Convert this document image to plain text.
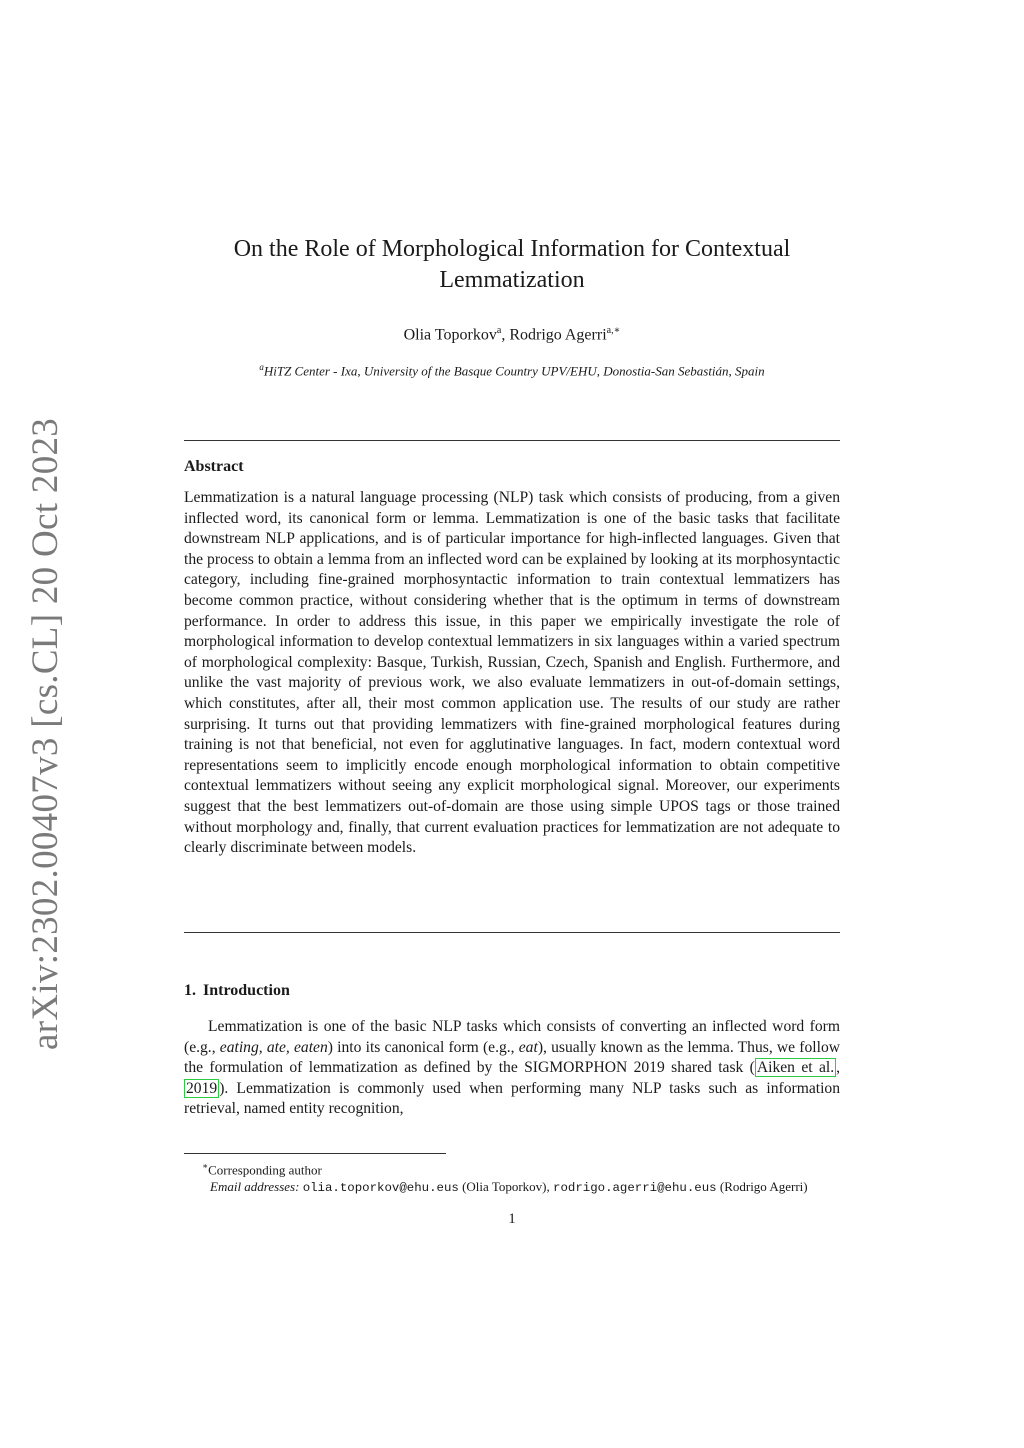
arXiv:2302.00407v3 [cs.CL] 20 Oct 2023
On the Role of Morphological Information for Contextual
Lemmatization
Olia Toporkov$^a$, Rodrigo Agerri$^{a,∗}$
$^a$HiTZ Center - Ixa, University of the Basque Country UPV/EHU, Donostia-San Sebastián, Spain
Abstract

Lemmatization is a natural language processing (NLP) task which consists of producing, from a given inflected word, its canonical form or lemma. Lemmatization is one of the basic tasks that facilitate downstream NLP applications, and is of particular importance for high-inflected languages. Given that the process to obtain a lemma from an inflected word can be explained by looking at its morphosyntactic category, including fine-grained morphosyntactic information to train contextual lemmatizers has become common practice, without considering whether that is the optimum in terms of downstream performance. In order to address this issue, in this paper we empirically investigate the role of morphological information to develop contextual lemmatizers in six languages within a varied spectrum of morphological complexity: Basque, Turkish, Russian, Czech, Spanish and English. Furthermore, and unlike the vast majority of previous work, we also evaluate lemmatizers in out-of-domain settings, which constitutes, after all, their most common application use. The results of our study are rather surprising. It turns out that providing lemmatizers with fine-grained morphological features during training is not that beneficial, not even for agglutinative languages. In fact, modern contextual word representations seem to implicitly encode enough morphological information to obtain competitive contextual lemmatizers without seeing any explicit morphological signal. Moreover, our experiments suggest that the best lemmatizers out-of-domain are those using simple UPOS tags or those trained without morphology and, finally, that current evaluation practices for lemmatization are not adequate to clearly discriminate between models.

1. Introduction

Lemmatization is one of the basic NLP tasks which consists of converting an inflected word form (e.g., eating, ate, eaten) into its canonical form (e.g., eat), usually known as the lemma. Thus, we follow the formulation of lemmatization as defined by the SIGMORPHON 2019 shared task ( Aiken et al. , 2019 ). Lemmatization is commonly used when performing many NLP tasks such as information retrieval, named entity recognition,

∗Corresponding author
Email addresses: olia.toporkov@ehu.eus (Olia Toporkov), rodrigo.agerri@ehu.eus (Rodrigo Agerri)
1
